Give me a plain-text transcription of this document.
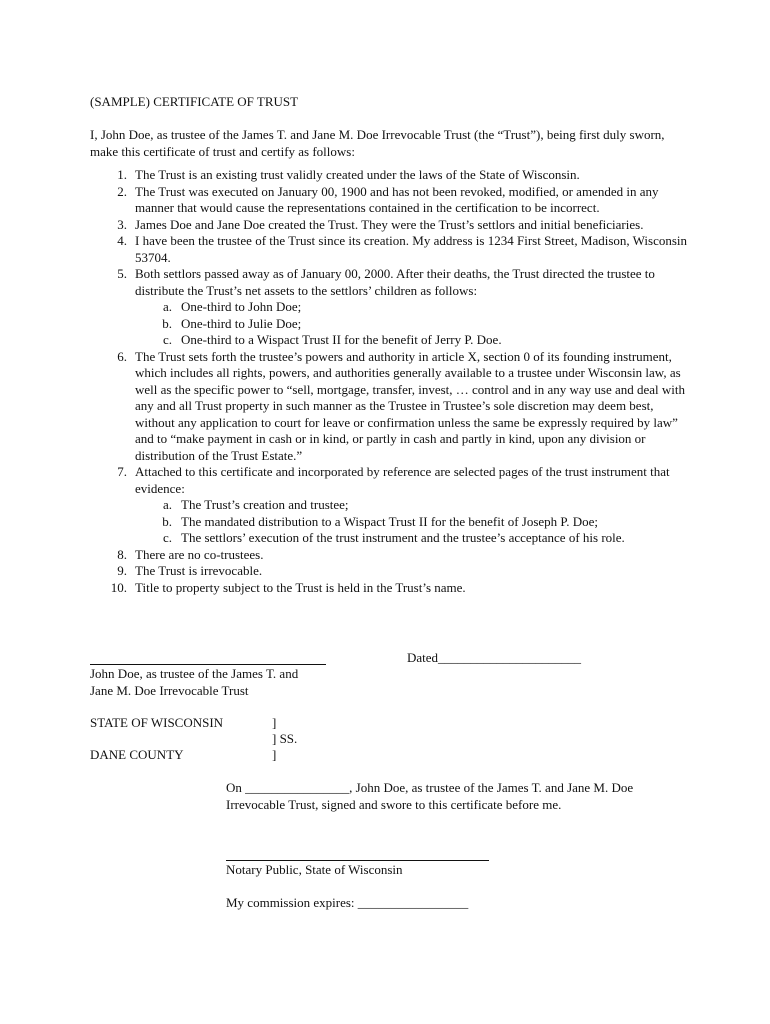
(SAMPLE) CERTIFICATE OF TRUST
I, John Doe, as trustee of the James T. and Jane M. Doe Irrevocable Trust (the “Trust”), being first duly sworn, make this certificate of trust and certify as follows:
1. The Trust is an existing trust validly created under the laws of the State of Wisconsin.
2. The Trust was executed on January 00, 1900 and has not been revoked, modified, or amended in any manner that would cause the representations contained in the certification to be incorrect.
3. James Doe and Jane Doe created the Trust. They were the Trust’s settlors and initial beneficiaries.
4. I have been the trustee of the Trust since its creation. My address is 1234 First Street, Madison, Wisconsin 53704.
5. Both settlors passed away as of January 00, 2000. After their deaths, the Trust directed the trustee to distribute the Trust’s net assets to the settlors’ children as follows:
a. One-third to John Doe;
b. One-third to Julie Doe;
c. One-third to a Wispact Trust II for the benefit of Jerry P. Doe.
6. The Trust sets forth the trustee’s powers and authority in article X, section 0 of its founding instrument, which includes all rights, powers, and authorities generally available to a trustee under Wisconsin law, as well as the specific power to “sell, mortgage, transfer, invest, … control and in any way use and deal with any and all Trust property in such manner as the Trustee in Trustee’s sole discretion may deem best, without any application to court for leave or confirmation unless the same be expressly required by law” and to “make payment in cash or in kind, or partly in cash and partly in kind, upon any division or distribution of the Trust Estate.”
7. Attached to this certificate and incorporated by reference are selected pages of the trust instrument that evidence:
a. The Trust’s creation and trustee;
b. The mandated distribution to a Wispact Trust II for the benefit of Joseph P. Doe;
c. The settlors’ execution of the trust instrument and the trustee’s acceptance of his role.
8. There are no co-trustees.
9. The Trust is irrevocable.
10. Title to property subject to the Trust is held in the Trust’s name.
Dated______________________
John Doe, as trustee of the James T. and
Jane M. Doe Irrevocable Trust
STATE OF WISCONSIN
DANE COUNTY
]
] SS.
]
On ________________, John Doe, as trustee of the James T. and Jane M. Doe Irrevocable Trust, signed and swore to this certificate before me.
Notary Public, State of Wisconsin
My commission expires: _________________
